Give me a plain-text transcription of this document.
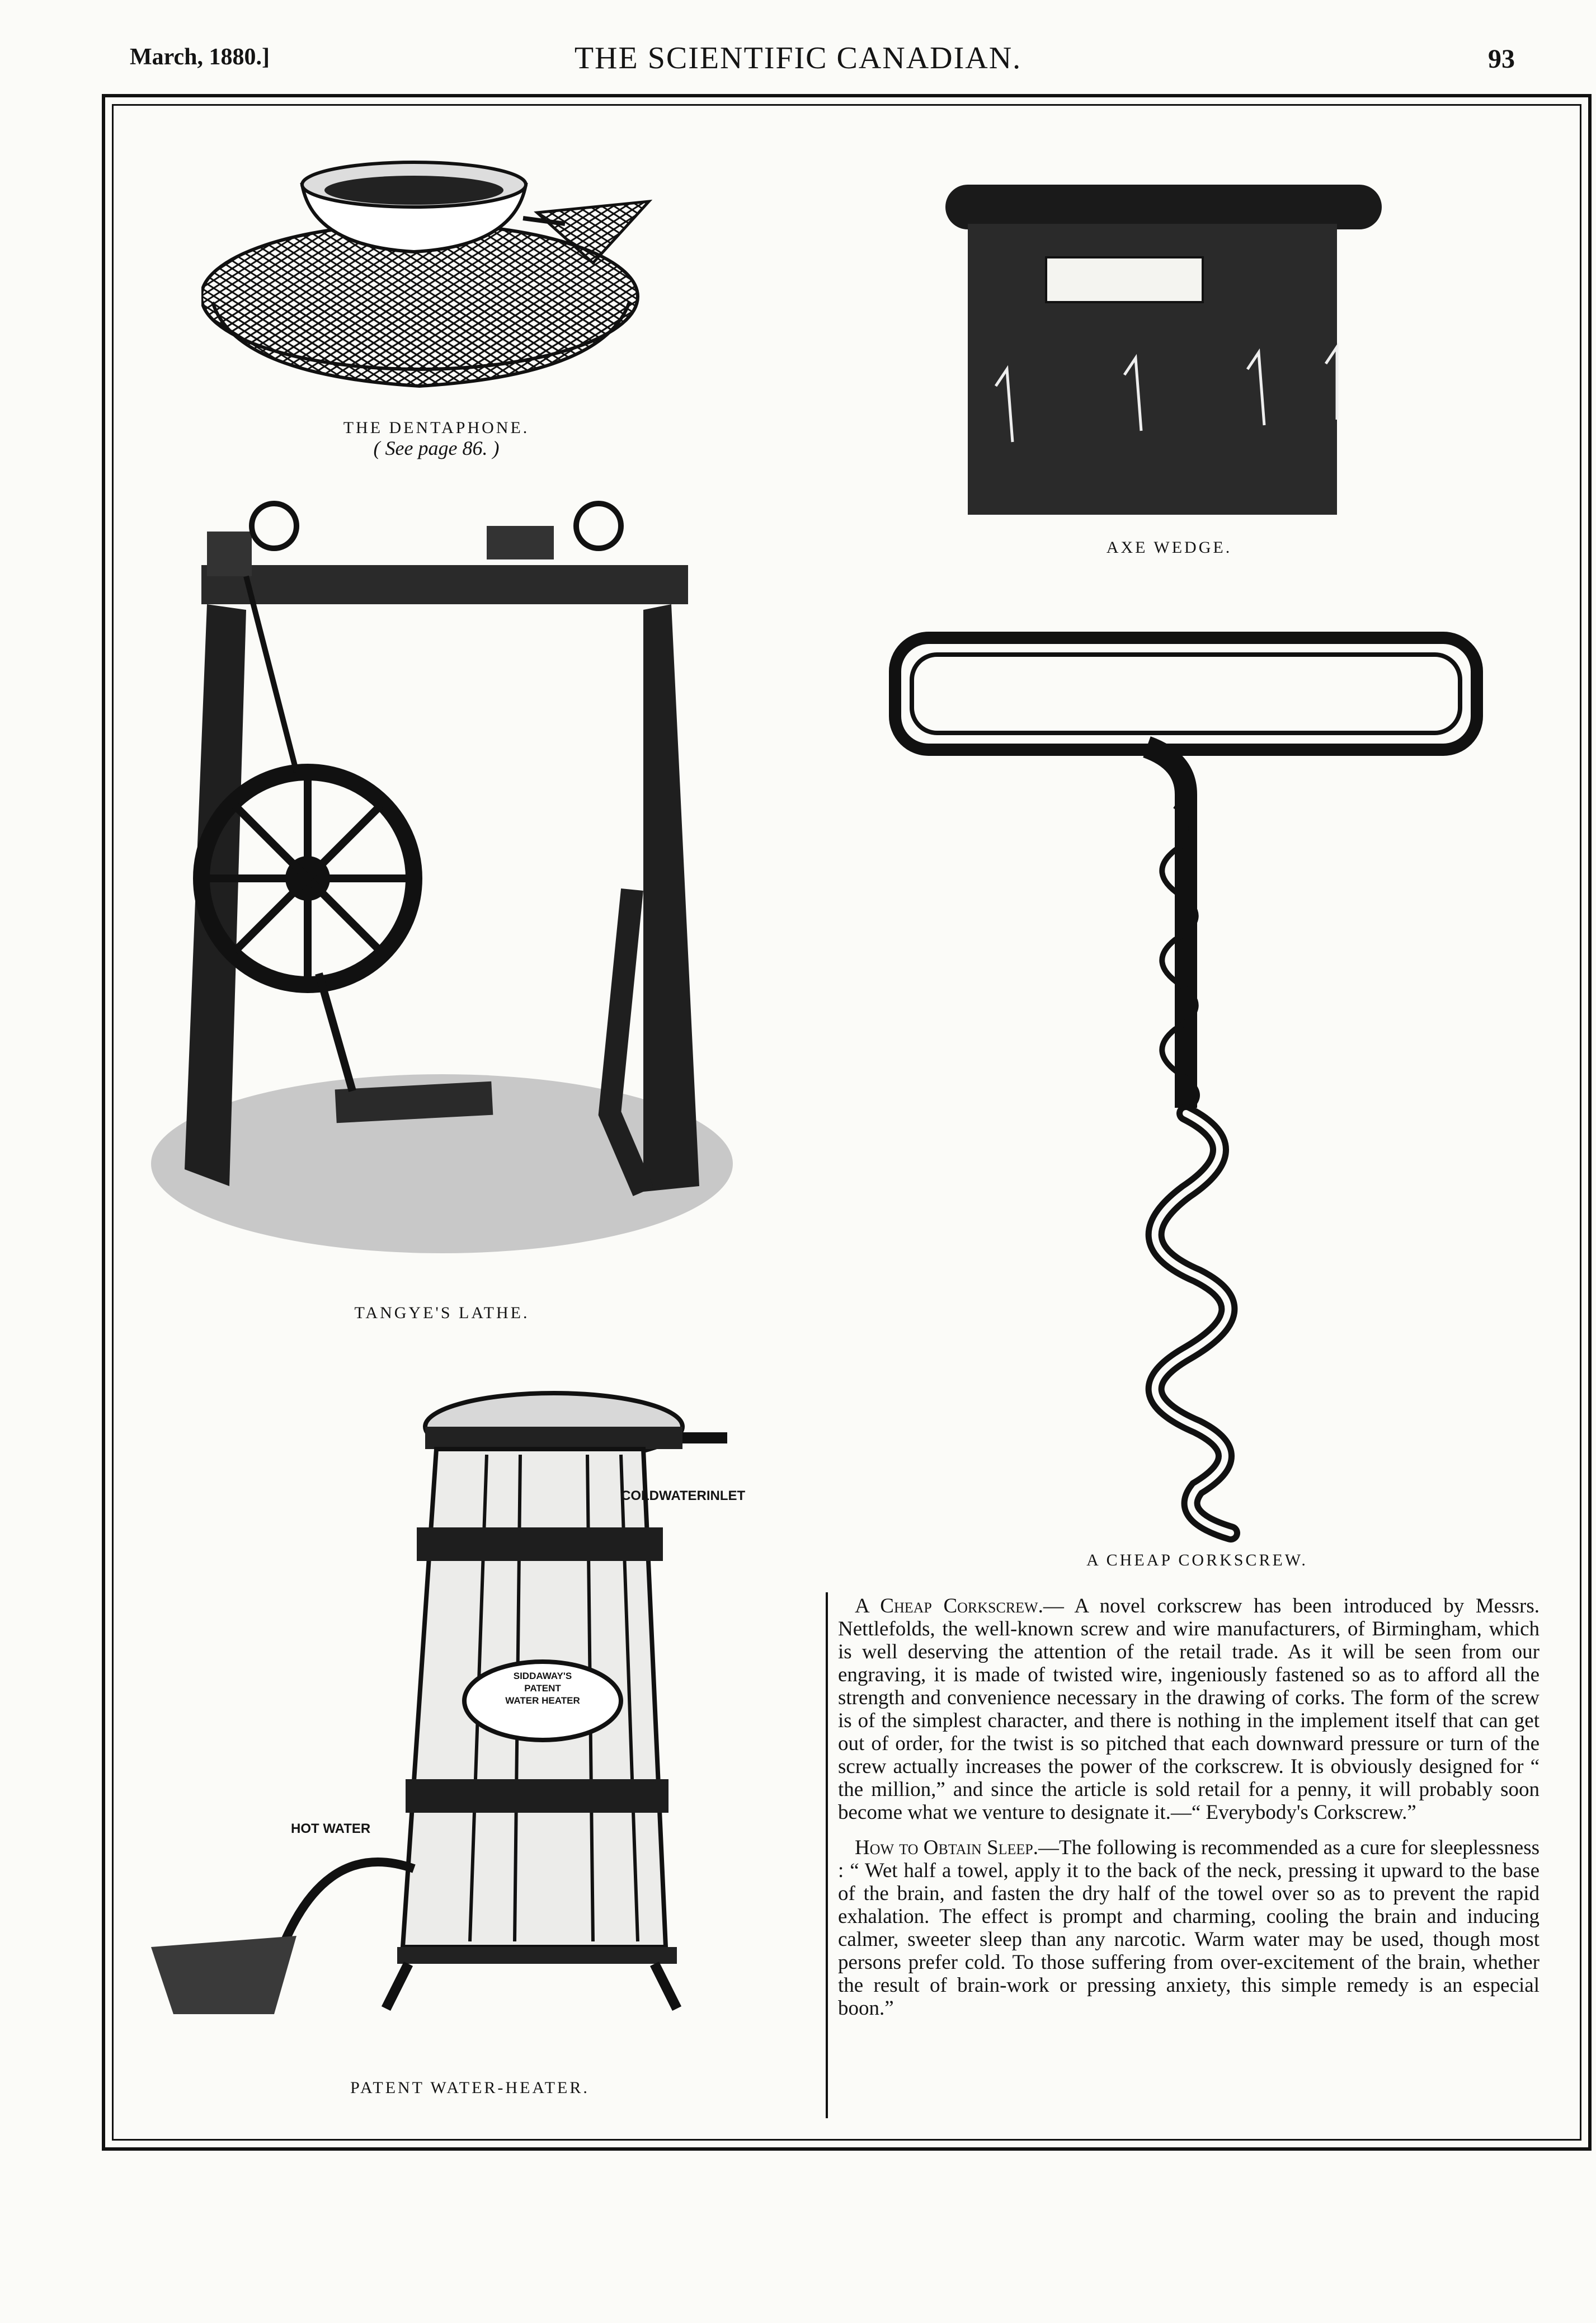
March, 1880.]	THE SCIENTIFIC CANADIAN.	93
THE DENTAPHONE.
( See page 86. )
AXE WEDGE.
TANGYE'S LATHE.
A CHEAP CORKSCREW.
SIDDAWAY'S
PATENT
WATER HEATER
COLDWATERINLET
HOT WATER
PATENT WATER-HEATER.

A Cheap Corkscrew.— A novel corkscrew has been introduced by Messrs. Nettlefolds, the well-known screw and wire manufacturers, of Birmingham, which is well deserving the attention of the retail trade. As it will be seen from our engraving, it is made of twisted wire, ingeniously fastened so as to afford all the strength and convenience necessary in the drawing of corks. The form of the screw is of the simplest character, and there is nothing in the implement itself that can get out of order, for the twist is so pitched that each downward pressure or turn of the screw actually increases the power of the corkscrew. It is obviously designed for “ the million,” and since the article is sold retail for a penny, it will probably soon become what we venture to designate it.—“ Everybody's Corkscrew.”

How to Obtain Sleep.—The following is recommended as a cure for sleeplessness : “ Wet half a towel, apply it to the back of the neck, pressing it upward to the base of the brain, and fasten the dry half of the towel over so as to prevent the rapid exhalation. The effect is prompt and charming, cooling the brain and inducing calmer, sweeter sleep than any narcotic. Warm water may be used, though most persons prefer cold. To those suffering from over-excitement of the brain, whether the result of brain-work or pressing anxiety, this simple remedy is an especial boon.”
